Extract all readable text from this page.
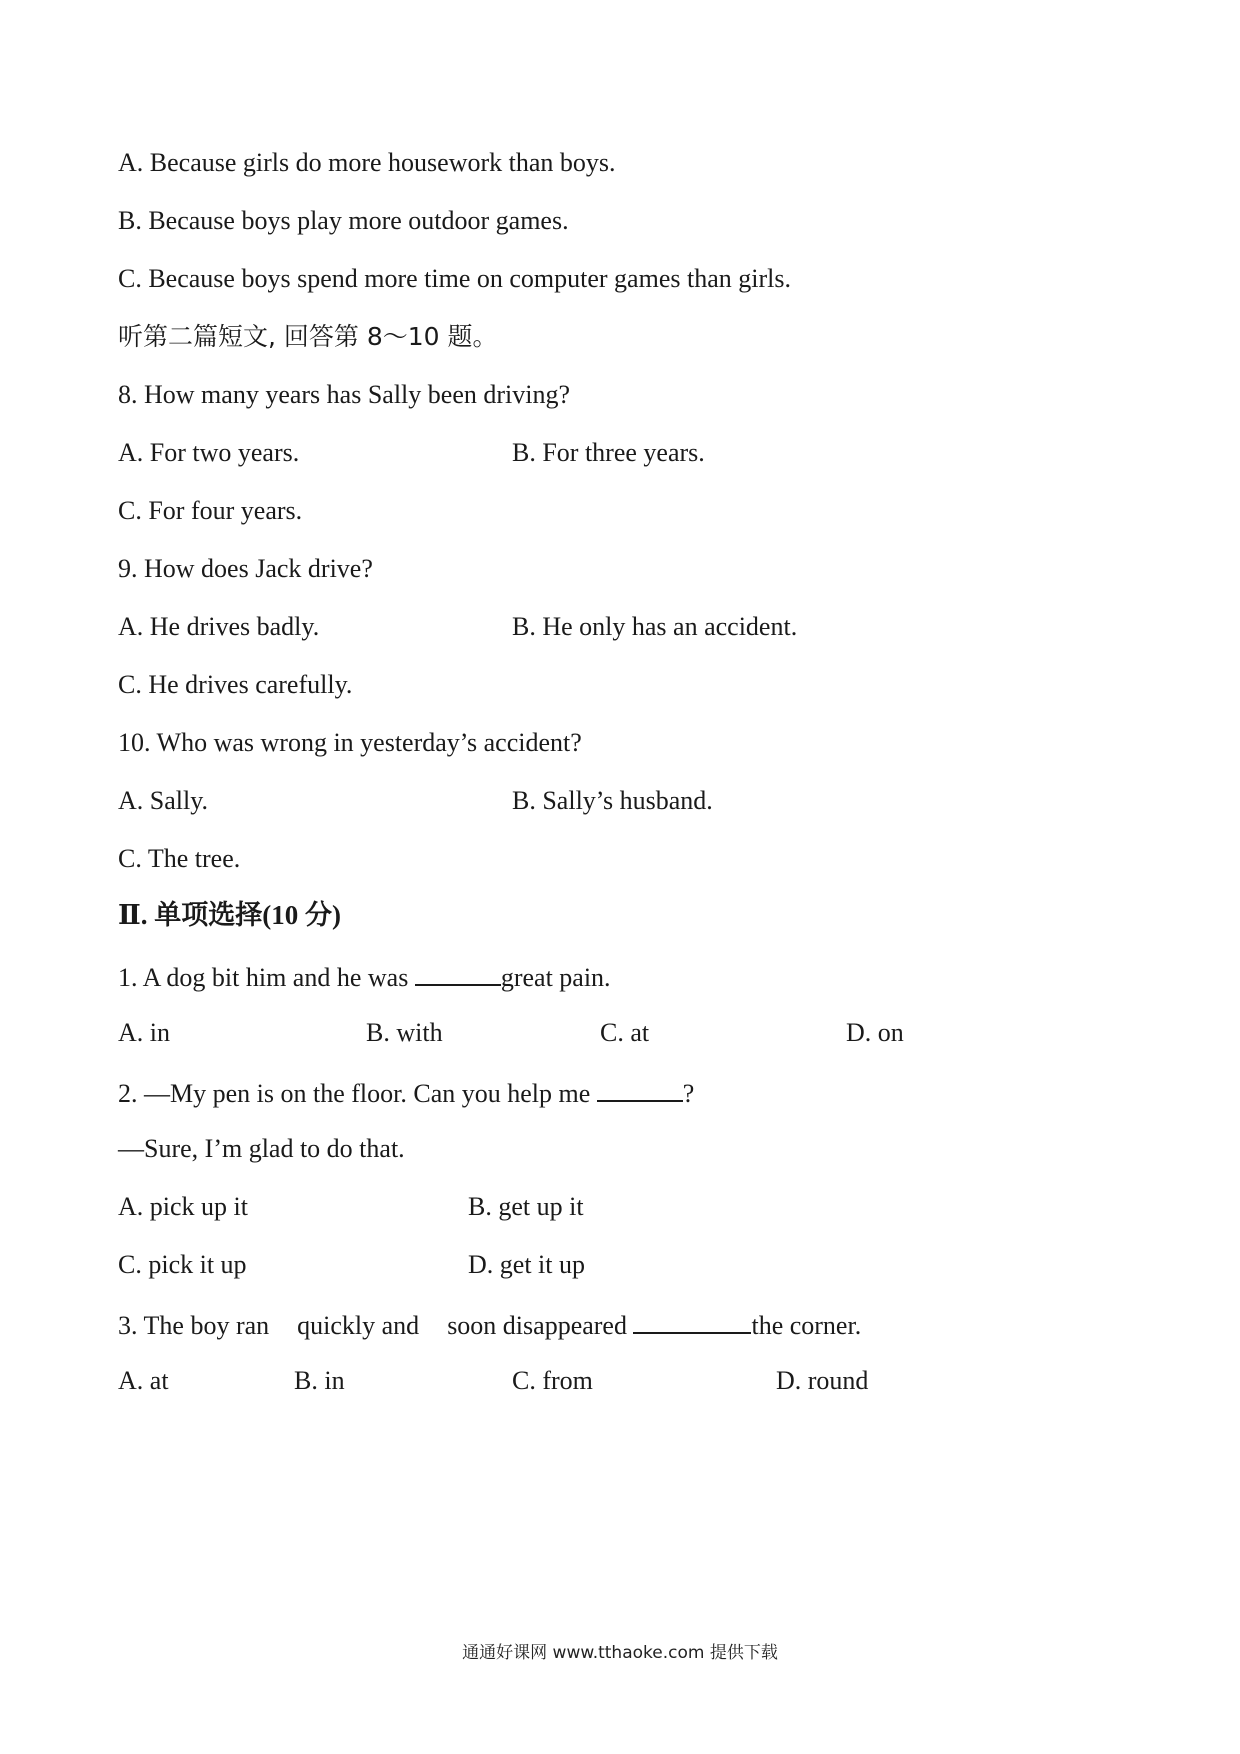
A. Because girls do more housework than boys.
B. Because boys play more outdoor games.
C. Because boys spend more time on computer games than girls.
听第二篇短文, 回答第 8～10 题。
8. How many years has Sally been driving?
A. For two years.	B. For three years.
C. For four years.
9. How does Jack drive?
A. He drives badly.	B. He only has an accident.
C. He drives carefully.
10. Who was wrong in yesterday’s accident?
A. Sally.	B. Sally’s husband.
C. The tree.
Ⅱ. 单项选择(10 分)
1. A dog bit him and he was	great pain.
A. in	B. with	C. at	D. on
2. —My pen is on the floor. Can you help me	?
—Sure, I’m glad to do that.
A. pick up it	B. get up it
C. pick it up	D. get it up
3. The boy ran quickly and soon disappeared	the corner.
A. at	B. in	C. from	D. round
通通好课网 www.tthaoke.com 提供下载
